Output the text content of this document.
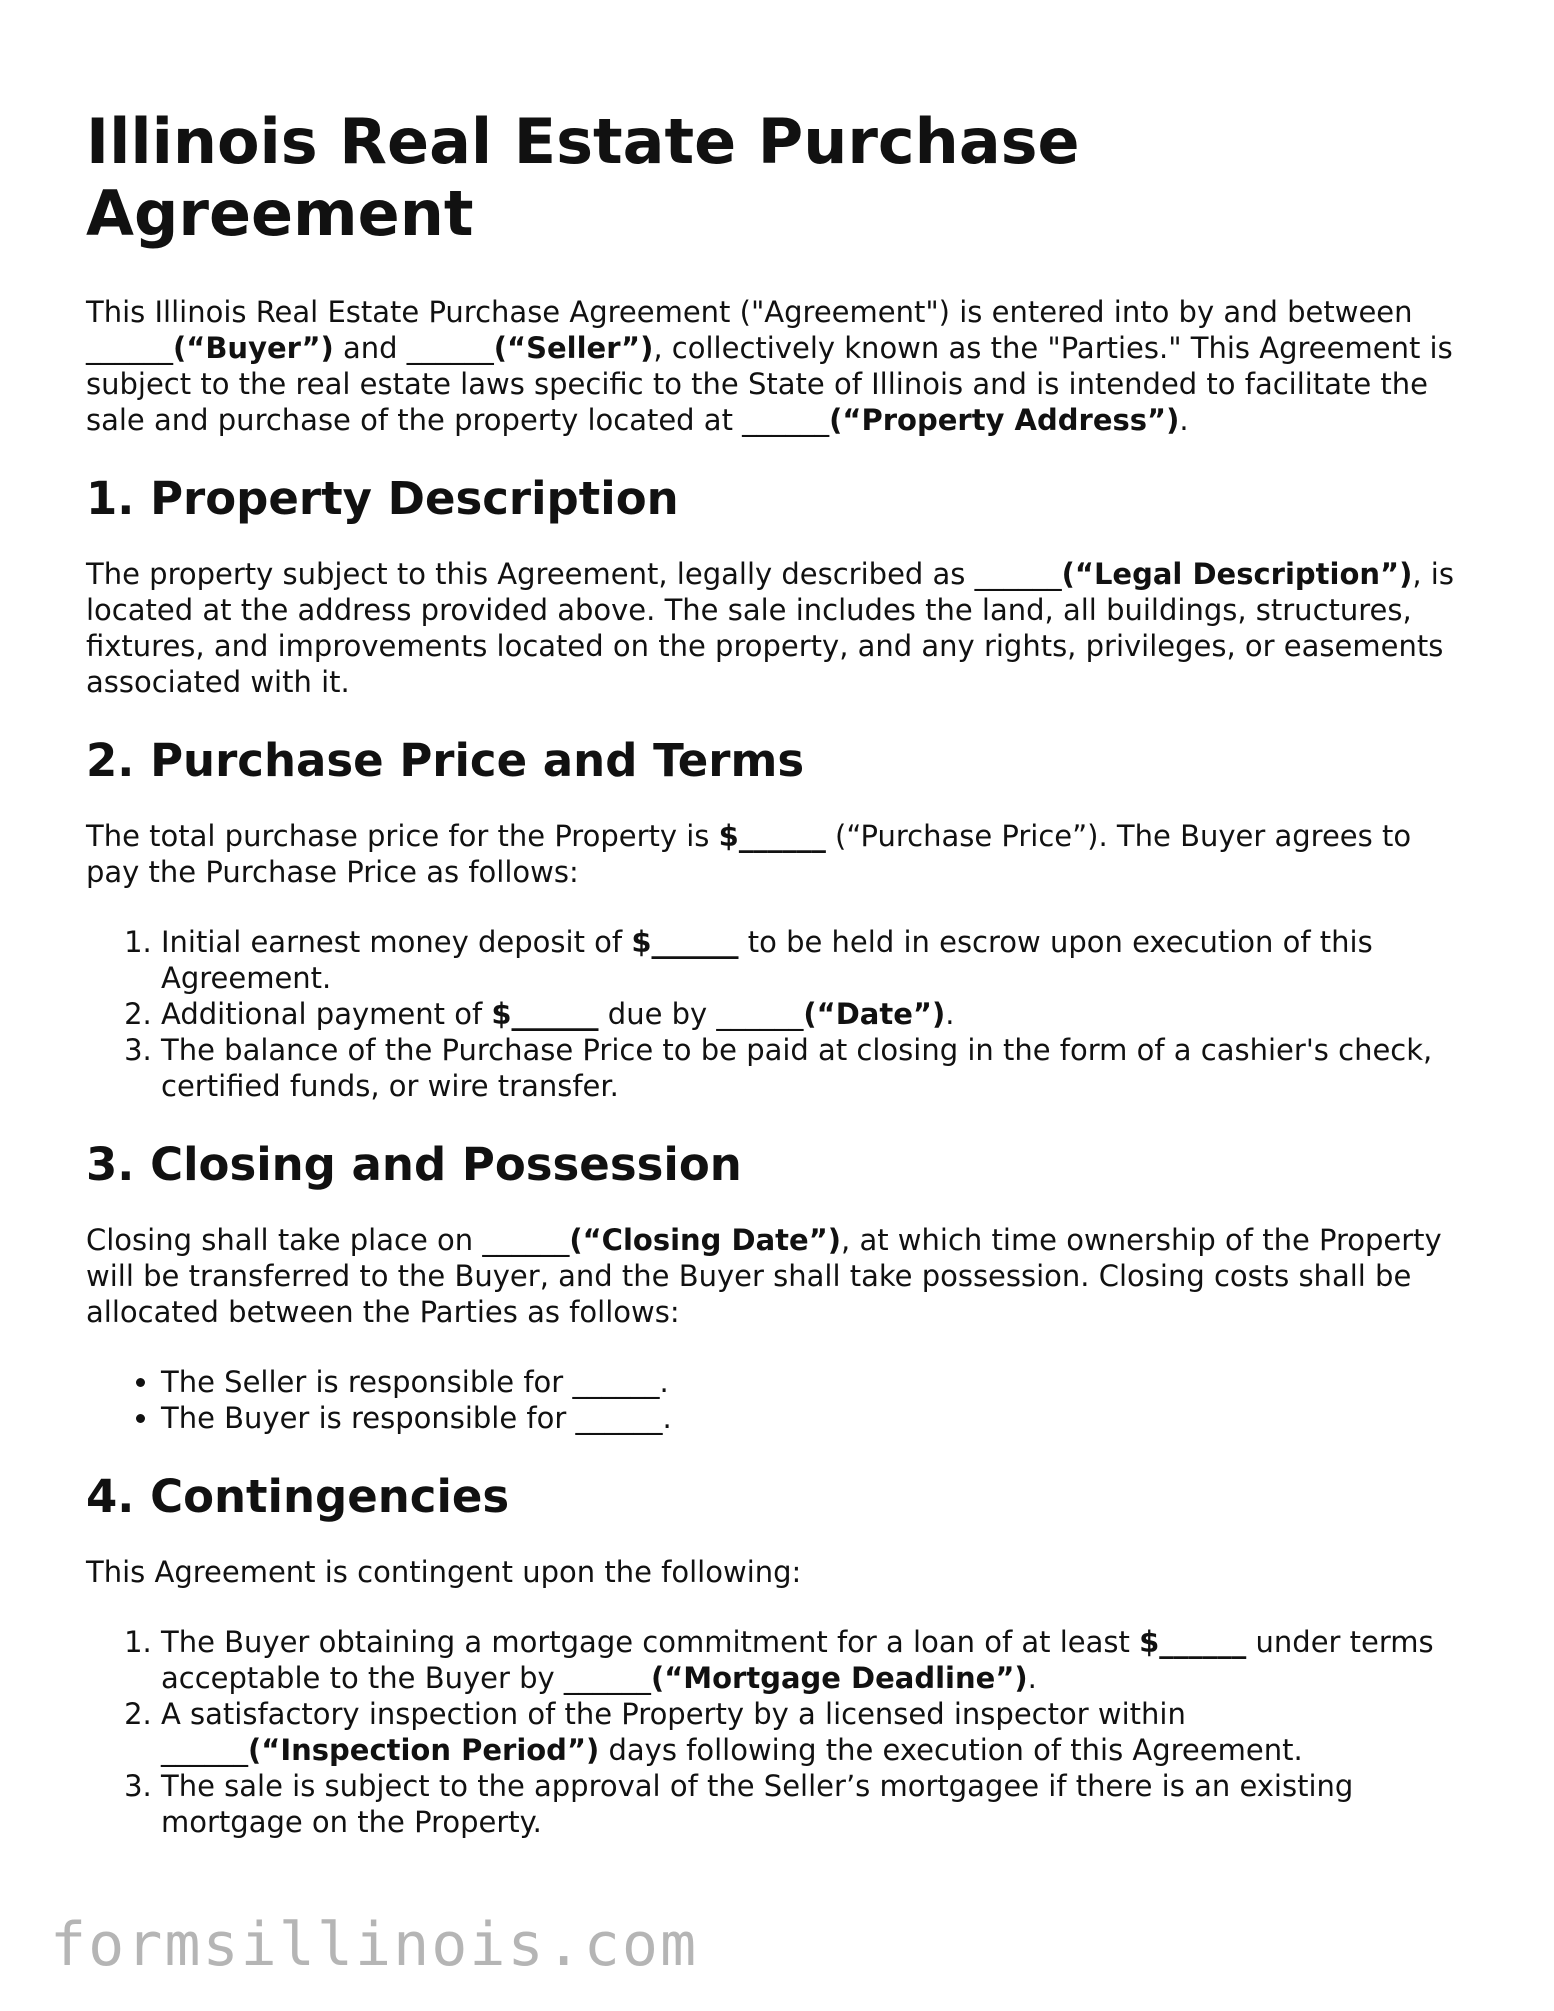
Illinois Real Estate Purchase Agreement

This Illinois Real Estate Purchase Agreement ("Agreement") is entered into by and between ______(“Buyer”) and ______(“Seller”), collectively known as the "Parties." This Agreement is subject to the real estate laws specific to the State of Illinois and is intended to facilitate the sale and purchase of the property located at ______(“Property Address”).

1. Property Description

The property subject to this Agreement, legally described as ______(“Legal Description”), is located at the address provided above. The sale includes the land, all buildings, structures, fixtures, and improvements located on the property, and any rights, privileges, or easements associated with it.

2. Purchase Price and Terms

The total purchase price for the Property is $______ (“Purchase Price”). The Buyer agrees to pay the Purchase Price as follows:

1. Initial earnest money deposit of $______ to be held in escrow upon execution of this Agreement.
2. Additional payment of $______ due by ______(“Date”).
3. The balance of the Purchase Price to be paid at closing in the form of a cashier's check, certified funds, or wire transfer.
3. Closing and Possession

Closing shall take place on ______(“Closing Date”), at which time ownership of the Property will be transferred to the Buyer, and the Buyer shall take possession. Closing costs shall be allocated between the Parties as follows:

• The Seller is responsible for ______.
• The Buyer is responsible for ______.
4. Contingencies

This Agreement is contingent upon the following:

1. The Buyer obtaining a mortgage commitment for a loan of at least $______ under terms acceptable to the Buyer by ______(“Mortgage Deadline”).
2. A satisfactory inspection of the Property by a licensed inspector within ______(“Inspection Period”) days following the execution of this Agreement.
3. The sale is subject to the approval of the Seller’s mortgagee if there is an existing mortgage on the Property.
formsillinois.com
